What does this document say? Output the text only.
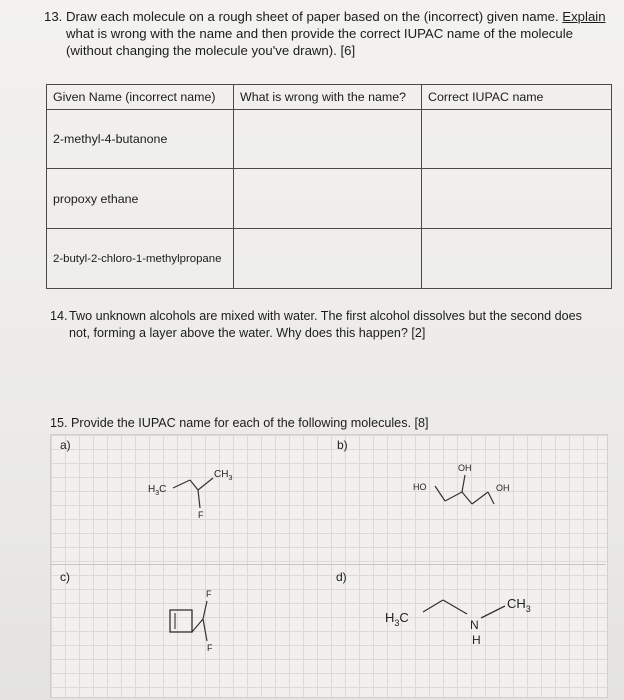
13. Draw each molecule on a rough sheet of paper based on the (incorrect) given name. Explain what is wrong with the name and then provide the correct IUPAC name of the molecule (without changing the molecule you've drawn). [6]
Given Name (incorrect name)	What is wrong with the name?	Correct IUPAC name
2-methyl-4-butanone		
propoxy ethane		
2-butyl-2-chloro-1-methylpropane		
14. Two unknown alcohols are mixed with water. The first alcohol dissolves but the second does not, forming a layer above the water. Why does this happen? [2]
15. Provide the IUPAC name for each of the following molecules. [8]
a)	b)
c)	d)
$H_3C$
$CH_3$
F
HO
OH
OH
F
F
$H_3C$	N
H
$CH_3$
